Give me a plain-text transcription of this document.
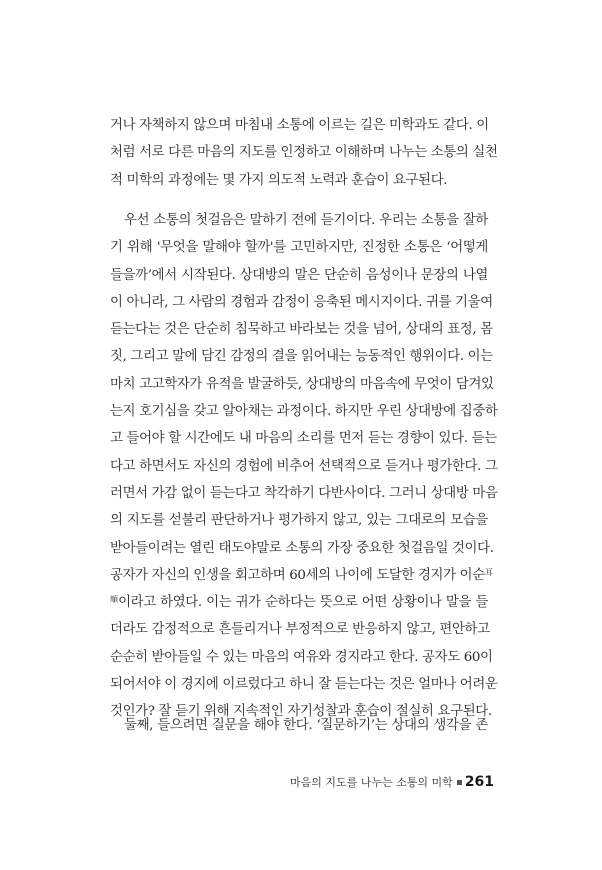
거나 자책하지 않으며 마침내 소통에 이르는 길은 미학과도 같다. 이
처럼 서로 다른 마음의 지도를 인정하고 이해하며 나누는 소통의 실천
적 미학의 과정에는 몇 가지 의도적 노력과 훈습이 요구된다.
우선 소통의 첫걸음은 말하기 전에 듣기이다. 우리는 소통을 잘하
기 위해 '무엇을 말해야 할까'를 고민하지만, 진정한 소통은 ‘어떻게
들을까’에서 시작된다. 상대방의 말은 단순히 음성이나 문장의 나열
이 아니라, 그 사람의 경험과 감정이 응축된 메시지이다. 귀를 기울여
듣는다는 것은 단순히 침묵하고 바라보는 것을 넘어, 상대의 표정, 몸
짓, 그리고 말에 담긴 감정의 결을 읽어내는 능동적인 행위이다. 이는
마치 고고학자가 유적을 발굴하듯, 상대방의 마음속에 무엇이 담겨있
는지 호기심을 갖고 알아채는 과정이다. 하지만 우린 상대방에 집중하
고 들어야 할 시간에도 내 마음의 소리를 먼저 듣는 경향이 있다. 듣는
다고 하면서도 자신의 경험에 비추어 선택적으로 듣거나 평가한다. 그
러면서 가감 없이 듣는다고 착각하기 다반사이다. 그러니 상대방 마음
의 지도를 섣불리 판단하거나 평가하지 않고, 있는 그대로의 모습을
받아들이려는 열린 태도야말로 소통의 가장 중요한 첫걸음일 것이다.
공자가 자신의 인생을 회고하며 60세의 나이에 도달한 경지가 이순$^耳$
$^順$이라고 하였다. 이는 귀가 순하다는 뜻으로 어떤 상황이나 말을 들
더라도 감정적으로 흔들리거나 부정적으로 반응하지 않고, 편안하고
순순히 받아들일 수 있는 마음의 여유와 경지라고 한다. 공자도 60이
되어서야 이 경지에 이르렀다고 하니 잘 듣는다는 것은 얼마나 어려운
것인가? 잘 듣기 위해 지속적인 자기성찰과 훈습이 절실히 요구된다.
둘째, 들으려면 질문을 해야 한다. ‘질문하기’는 상대의 생각을 존
마음의 지도를 나누는 소통의 미학 261
